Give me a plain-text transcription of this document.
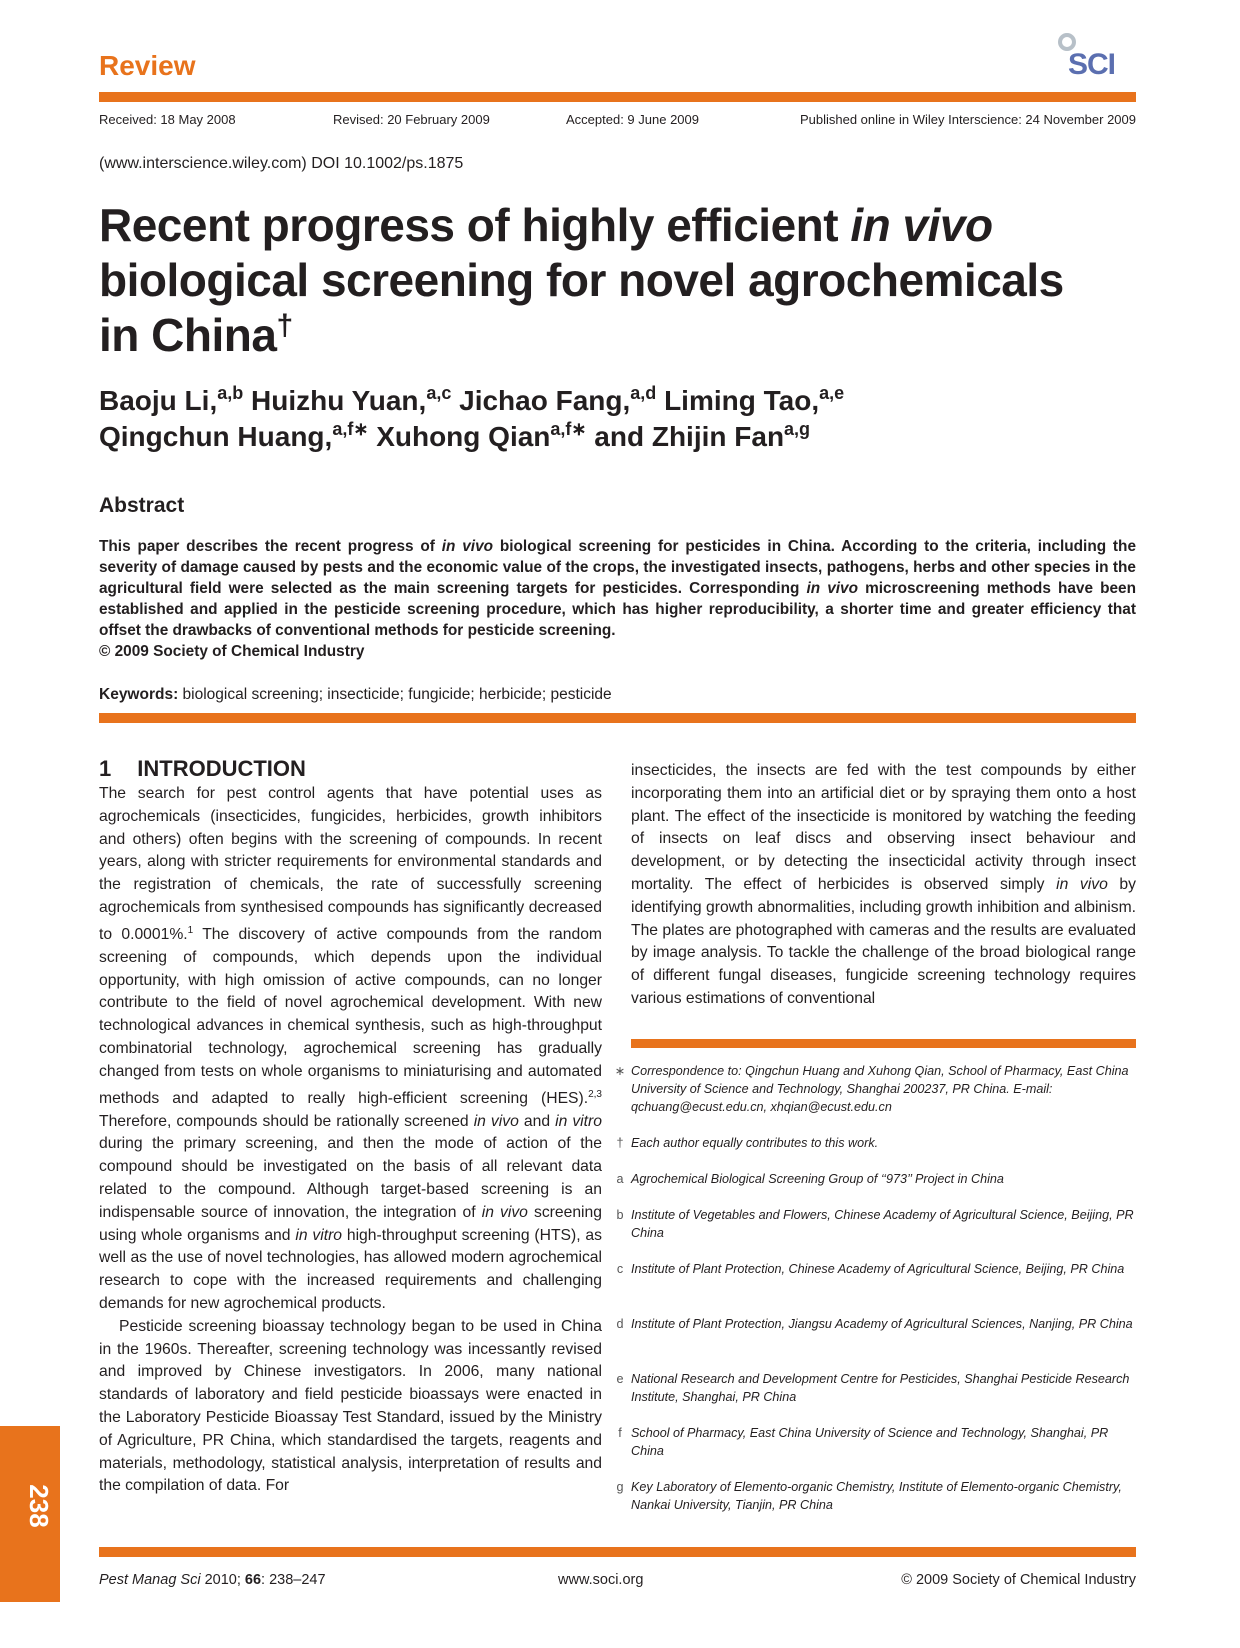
Review	SCI
Received: 18 May 2008	Revised: 20 February 2009	Accepted: 9 June 2009	Published online in Wiley Interscience: 24 November 2009
(www.interscience.wiley.com) DOI 10.1002/ps.1875
Recent progress of highly efficient in vivo
biological screening for novel agrochemicals
in China†
Baoju Li,$^{a,b}$ Huizhu Yuan,$^{a,c}$ Jichao Fang,$^{a,d}$ Liming Tao,$^{a,e}$
Qingchun Huang,$^{a,f∗}$ Xuhong Qian$^{a,f∗}$ and Zhijin Fan$^{a,g}$
Abstract
This paper describes the recent progress of in vivo biological screening for pesticides in China. According to the criteria, including the severity of damage caused by pests and the economic value of the crops, the investigated insects, pathogens, herbs and other species in the agricultural field were selected as the main screening targets for pesticides. Corresponding in vivo microscreening methods have been established and applied in the pesticide screening procedure, which has higher reproducibility, a shorter time and greater efficiency that offset the drawbacks of conventional methods for pesticide screening.
© 2009 Society of Chemical Industry
Keywords: biological screening; insecticide; fungicide; herbicide; pesticide
1 INTRODUCTION

The search for pest control agents that have potential uses as agrochemicals (insecticides, fungicides, herbicides, growth inhibitors and others) often begins with the screening of compounds. In recent years, along with stricter requirements for environmental standards and the registration of chemicals, the rate of successfully screening agrochemicals from synthesised compounds has significantly decreased to 0.0001%.$^1$ The discovery of active compounds from the random screening of compounds, which depends upon the individual opportunity, with high omission of active compounds, can no longer contribute to the field of novel agrochemical development. With new technological advances in chemical synthesis, such as high-throughput combinatorial technology, agrochemical screening has gradually changed from tests on whole organisms to miniaturising and automated methods and adapted to really high-efficient screening (HES).$^{2,3}$ Therefore, compounds should be rationally screened in vivo and in vitro during the primary screening, and then the mode of action of the compound should be investigated on the basis of all relevant data related to the compound. Although target-based screening is an indispensable source of innovation, the integration of in vivo screening using whole organisms and in vitro high-throughput screening (HTS), as well as the use of novel technologies, has allowed modern agrochemical research to cope with the increased requirements and challenging demands for new agrochemical products.

Pesticide screening bioassay technology began to be used in China in the 1960s. Thereafter, screening technology was incessantly revised and improved by Chinese investigators. In 2006, many national standards of laboratory and field pesticide bioassays were enacted in the Laboratory Pesticide Bioassay Test Standard, issued by the Ministry of Agriculture, PR China, which standardised the targets, reagents and materials, methodology, statistical analysis, interpretation of results and the compilation of data. For

insecticides, the insects are fed with the test compounds by either incorporating them into an artificial diet or by spraying them onto a host plant. The effect of the insecticide is monitored by watching the feeding of insects on leaf discs and observing insect behaviour and development, or by detecting the insecticidal activity through insect mortality. The effect of herbicides is observed simply in vivo by identifying growth abnormalities, including growth inhibition and albinism. The plates are photographed with cameras and the results are evaluated by image analysis. To tackle the challenge of the broad biological range of different fungal diseases, fungicide screening technology requires various estimations of conventional

∗ Correspondence to: Qingchun Huang and Xuhong Qian, School of Pharmacy, East China University of Science and Technology, Shanghai 200237, PR China. E-mail: qchuang@ecust.edu.cn, xhqian@ecust.edu.cn
† Each author equally contributes to this work.
a Agrochemical Biological Screening Group of ‘‘973’’ Project in China
b Institute of Vegetables and Flowers, Chinese Academy of Agricultural Science, Beijing, PR China
c Institute of Plant Protection, Chinese Academy of Agricultural Science, Beijing, PR China
d Institute of Plant Protection, Jiangsu Academy of Agricultural Sciences, Nanjing, PR China
e National Research and Development Centre for Pesticides, Shanghai Pesticide Research Institute, Shanghai, PR China
f School of Pharmacy, East China University of Science and Technology, Shanghai, PR China
g Key Laboratory of Elemento-organic Chemistry, Institute of Elemento-organic Chemistry, Nankai University, Tianjin, PR China
238
Pest Manag Sci 2010; 66: 238–247	www.soci.org	© 2009 Society of Chemical Industry
